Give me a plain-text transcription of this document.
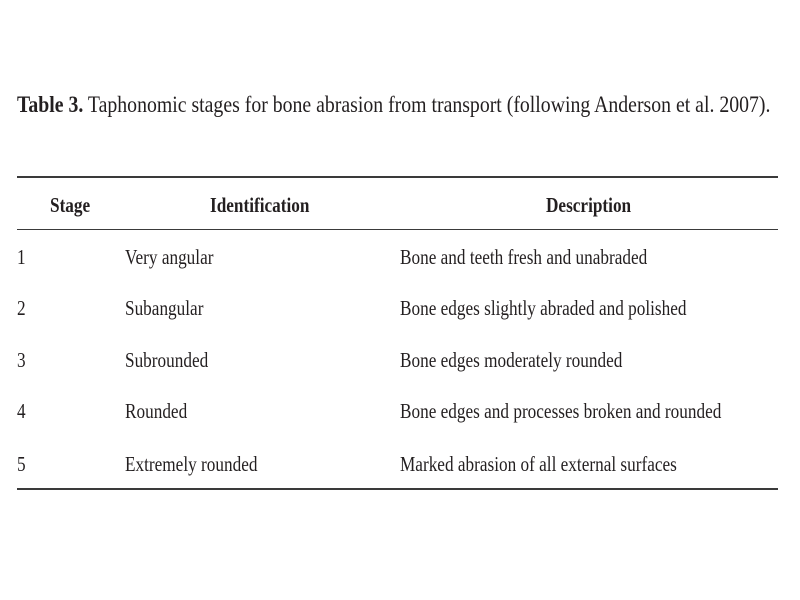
Table 3. Taphonomic stages for bone abrasion from transport (following Anderson et al. 2007).
Stage	Identification	Description
1	Very angular	Bone and teeth fresh and unabraded
2	Subangular	Bone edges slightly abraded and polished
3	Subrounded	Bone edges moderately rounded
4	Rounded	Bone edges and processes broken and rounded
5	Extremely rounded	Marked abrasion of all external surfaces
